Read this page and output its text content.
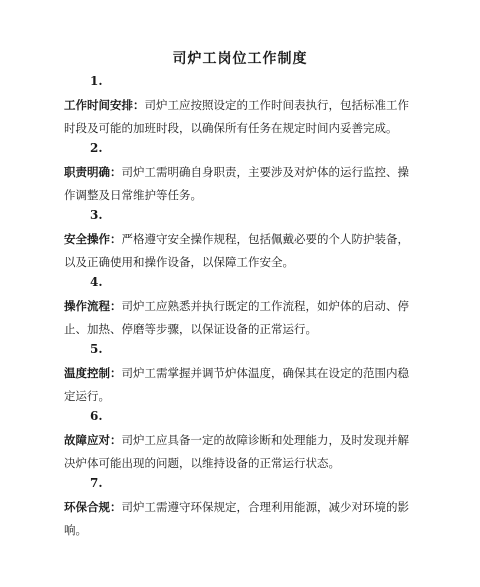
司炉工岗位工作制度
1.
工作时间安排：司炉工应按照设定的工作时间表执行，包括标准工作时段及可能的加班时段，以确保所有任务在规定时间内妥善完成。
2.
职责明确：司炉工需明确自身职责，主要涉及对炉体的运行监控、操作调整及日常维护等任务。
3.
安全操作：严格遵守安全操作规程，包括佩戴必要的个人防护装备，以及正确使用和操作设备，以保障工作安全。
4.
操作流程：司炉工应熟悉并执行既定的工作流程，如炉体的启动、停止、加热、停磨等步骤，以保证设备的正常运行。
5.
温度控制：司炉工需掌握并调节炉体温度，确保其在设定的范围内稳定运行。
6.
故障应对：司炉工应具备一定的故障诊断和处理能力，及时发现并解决炉体可能出现的问题，以维持设备的正常运行状态。
7.
环保合规：司炉工需遵守环保规定，合理利用能源，减少对环境的影响。
